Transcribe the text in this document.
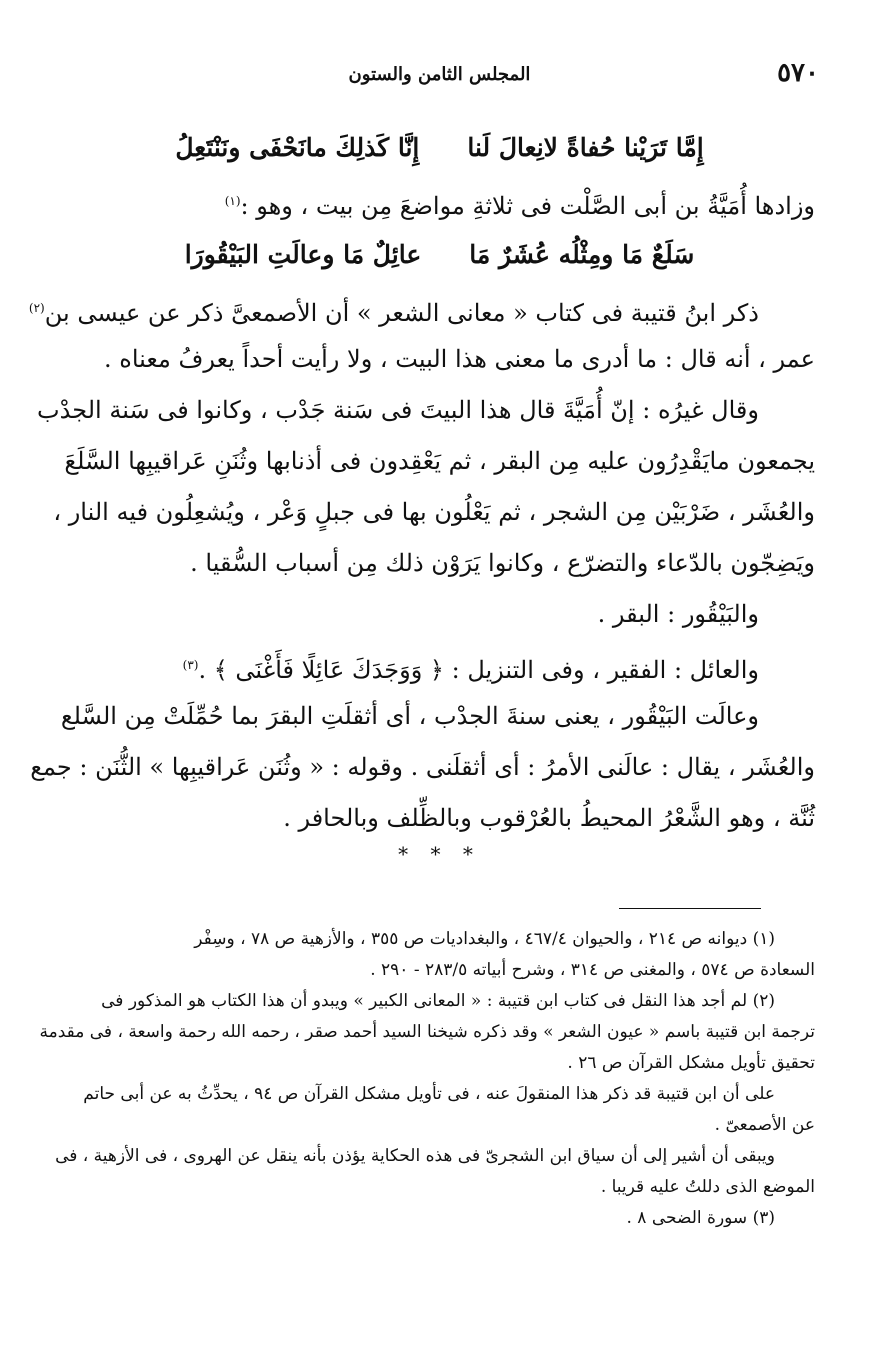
٥٧٠
المجلس الثامن والستون
إِمَّا تَرَيْنا حُفاةً لانِعالَ لَنا
إِنَّا كَذلِكَ مانَحْفَى ونَنْتَعِلُ
وزادها أُمَيَّةُ بن أبى الصَّلْت فى ثلاثةِ مواضعَ مِن بيت ، وهو :$^{(١)}$
سَلَعٌ مَا ومِثْلُه عُشَرٌ مَا
عائِلٌ مَا وعالَتِ البَيْقُورَا
ذكر ابنُ قتيبة فى كتاب « معانى الشعر » أن الأصمعىَّ ذكر عن عيسى بن$^{(٢)}$
عمر ، أنه قال : ما أدرى ما معنى هذا البيت ، ولا رأيت أحداً يعرفُ معناه .
وقال غيرُه : إنّ أُمَيَّةَ قال هذا البيتَ فى سَنة جَدْب ، وكانوا فى سَنة الجدْب
يجمعون مايَقْدِرُون عليه مِن البقر ، ثم يَعْقِدون فى أذنابها وثُنَنِ عَراقيبِها السَّلَعَ
والعُشَر ، ضَرْبَيْن مِن الشجر ، ثم يَعْلُون بها فى جبلٍ وَعْر ، ويُشعِلُون فيه النار ،
ويَضِجّون بالدّعاء والتضرّع ، وكانوا يَرَوْن ذلك مِن أسباب السُّقيا .
والبَيْقُور : البقر .
والعائل : الفقير ، وفى التنزيل : ﴿ وَوَجَدَكَ عَائِلًا فَأَغْنَى ﴾ .$^{(٣)}$
وعالَت البَيْقُور ، يعنى سنةَ الجدْب ، أى أثقلَتِ البقرَ بما حُمِّلَتْ مِن السَّلع
والعُشَر ، يقال : عالَنى الأمرُ : أى أثقلَنى . وقوله : « وثُنَن عَراقيبِها » الثُّنَن : جمع
ثُنَّة ، وهو الشَّعْرُ المحيطُ بالعُرْقوب وبالظِّلف وبالحافر .
* * *
(١) ديوانه ص ٢١٤ ، والحيوان ٤٦٧/٤ ، والبغداديات ص ٣٥٥ ، والأزهية ص ٧٨ ، وسِفْر
السعادة ص ٥٧٤ ، والمغنى ص ٣١٤ ، وشرح أبياته ٢٨٣/٥ - ٢٩٠ .
(٢) لم أجد هذا النقل فى كتاب ابن قتيبة : « المعانى الكبير » ويبدو أن هذا الكتاب هو المذكور فى
ترجمة ابن قتيبة باسم « عيون الشعر » وقد ذكره شيخنا السيد أحمد صقر ، رحمه الله رحمة واسعة ، فى مقدمة
تحقيق تأويل مشكل القرآن ص ٢٦ .
على أن ابن قتيبة قد ذكر هذا المنقولَ عنه ، فى تأويل مشكل القرآن ص ٩٤ ، يحدِّثُ به عن أبى حاتم
عن الأصمعىّ .
ويبقى أن أشير إلى أن سياق ابن الشجرىّ فى هذه الحكاية يؤذن بأنه ينقل عن الهروى ، فى الأزهية ، فى
الموضع الذى دللتُ عليه قريبا .
(٣) سورة الضحى ٨ .
